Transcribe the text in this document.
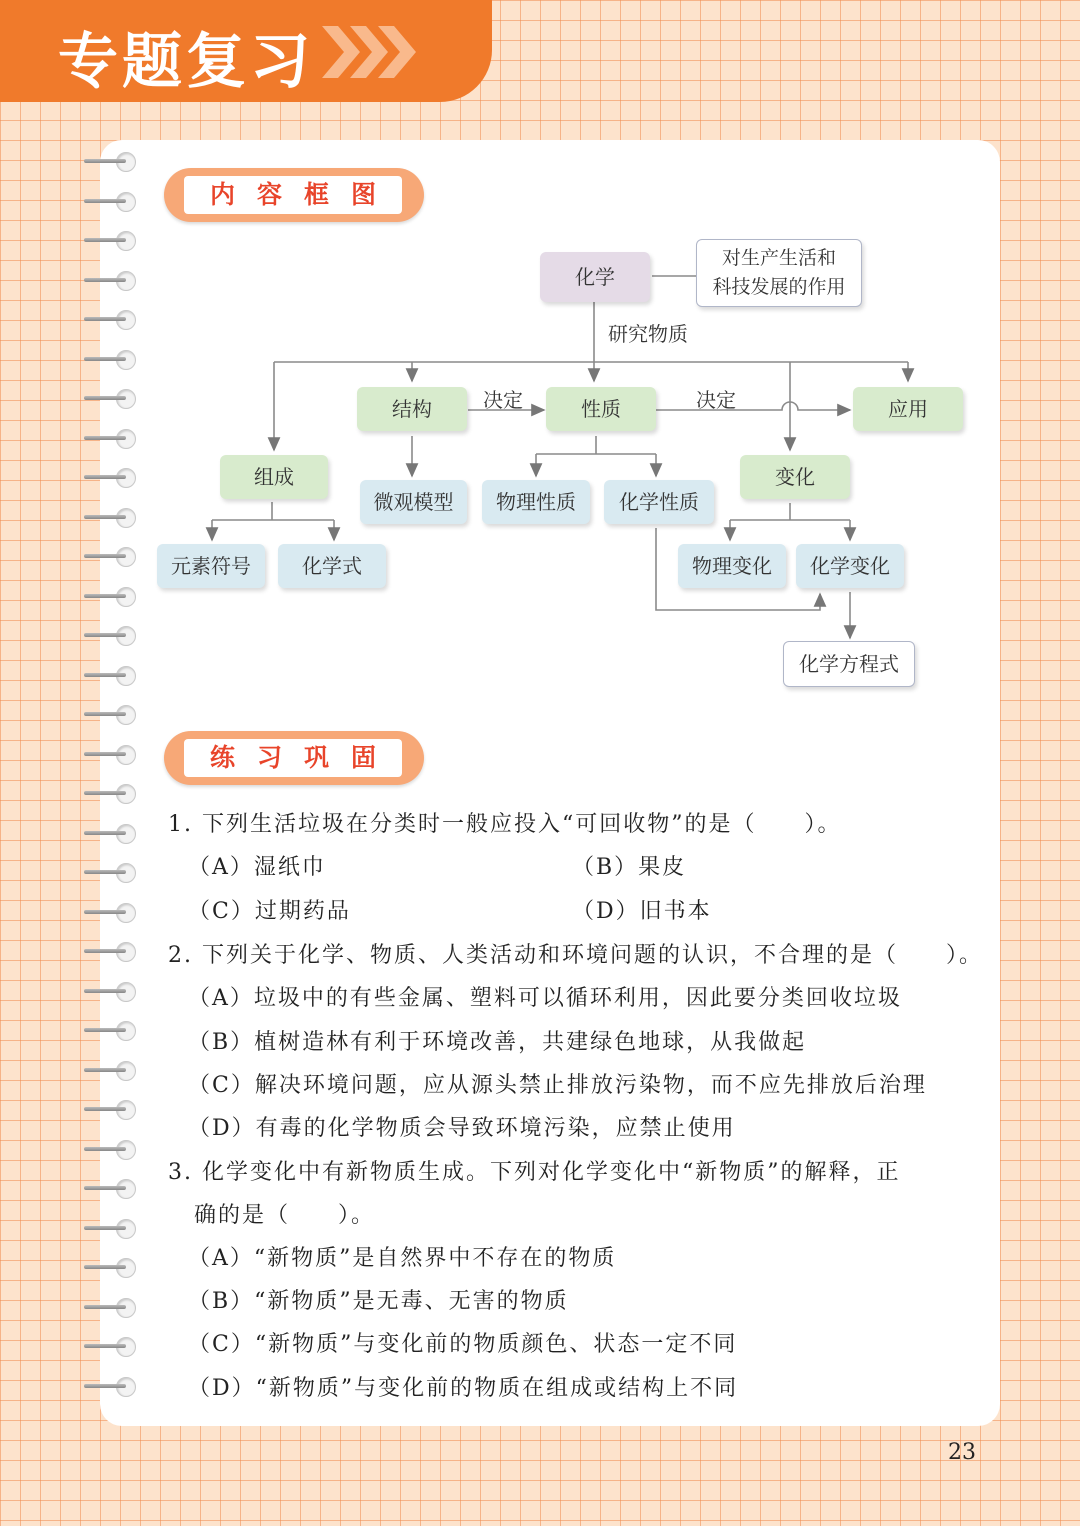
专题复习
内容框图
化学
对生产生活和
科技发展的作用
研究物质
结构	决定	性质	决定	应用
组成
微观模型	物理性质	化学性质
变化
元素符号	化学式	物理变化	化学变化
化学方程式
练习巩固
1. 下列生活垃圾在分类时一般应投入“可回收物”的是（　　）。
（A）湿纸巾	（B）果皮
（C）过期药品	（D）旧书本
2. 下列关于化学、物质、人类活动和环境问题的认识，不合理的是（　　）。
（A）垃圾中的有些金属、塑料可以循环利用，因此要分类回收垃圾
（B）植树造林有利于环境改善，共建绿色地球，从我做起
（C）解决环境问题，应从源头禁止排放污染物，而不应先排放后治理
（D）有毒的化学物质会导致环境污染，应禁止使用
3. 化学变化中有新物质生成。下列对化学变化中“新物质”的解释，正
确的是（　　）。
（A）“新物质”是自然界中不存在的物质
（B）“新物质”是无毒、无害的物质
（C）“新物质”与变化前的物质颜色、状态一定不同
（D）“新物质”与变化前的物质在组成或结构上不同
23
